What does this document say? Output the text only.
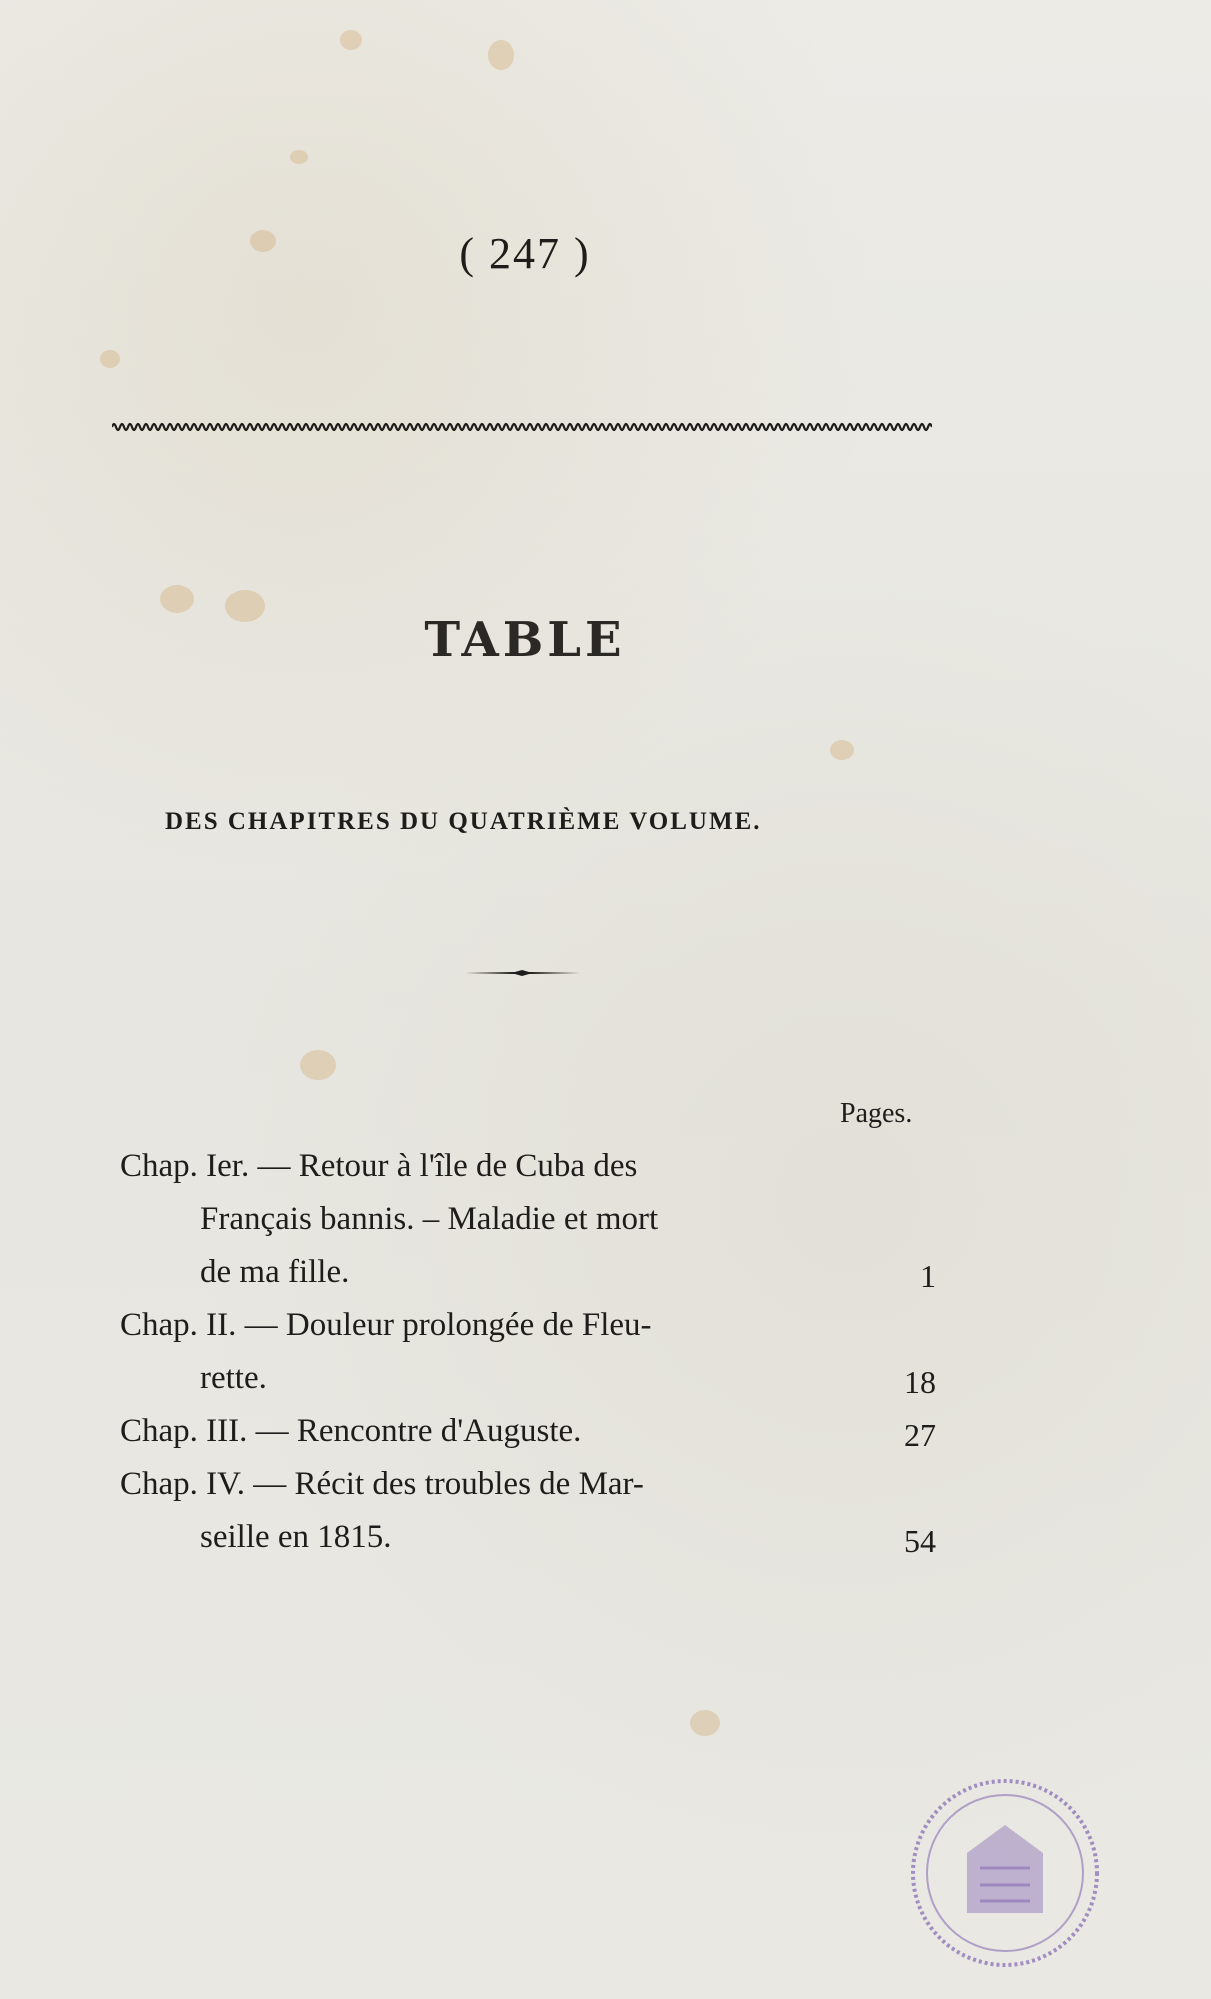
( 247 )
TABLE
DES CHAPITRES DU QUATRIÈME VOLUME.
Pages.
Chap. Ier. — Retour à l'île de Cuba des
Français bannis. – Maladie et mort
de ma fille.	1
Chap. II. — Douleur prolongée de Fleu-
rette.	18
Chap. III. — Rencontre d'Auguste.	27
Chap. IV. — Récit des troubles de Mar-
seille en 1815.	54
